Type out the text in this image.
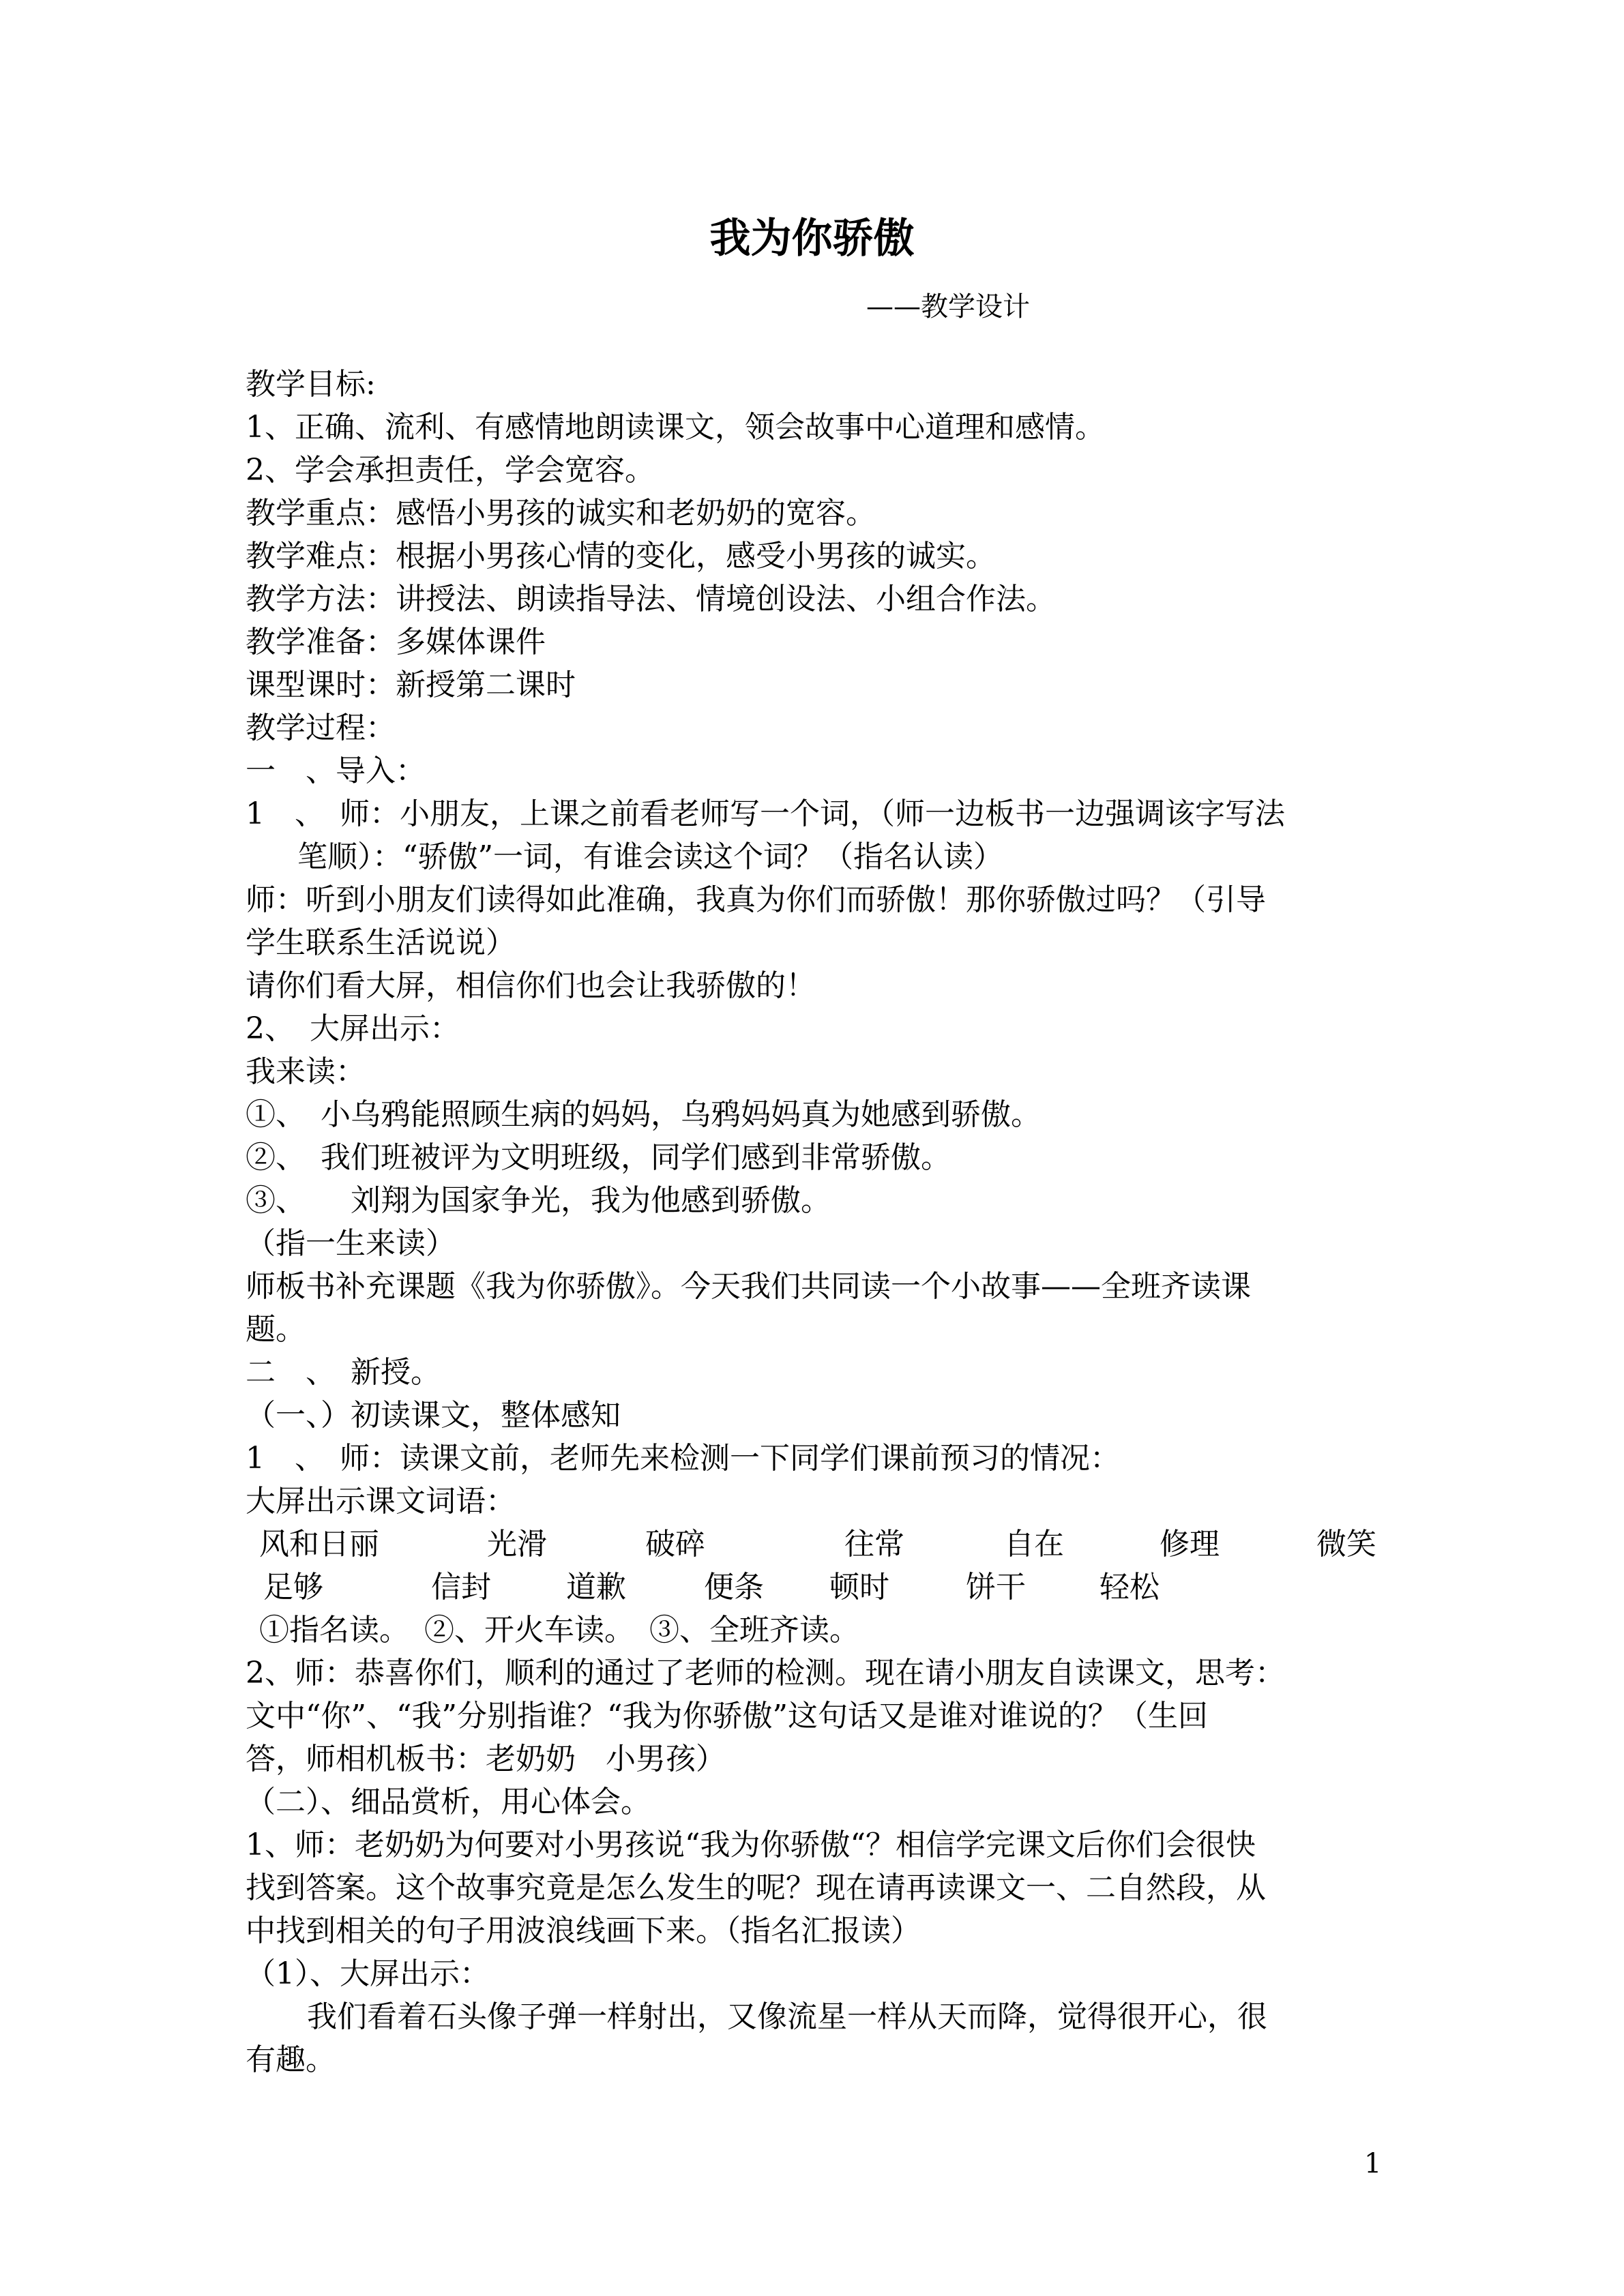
我为你骄傲
——教学设计
教学目标:
1、正确、流利、有感情地朗读课文，领会故事中心道理和感情。
2、学会承担责任，学会宽容。
教学重点：感悟小男孩的诚实和老奶奶的宽容。
教学难点：根据小男孩心情的变化，感受小男孩的诚实。
教学方法：讲授法、朗读指导法、情境创设法、小组合作法。
教学准备：多媒体课件
课型课时：新授第二课时
教学过程：
一　、导入：
1　、　师：小朋友，上课之前看老师写一个词，（师一边板书一边强调该字写法
笔顺）：“骄傲”一词，有谁会读这个词？（指名认读）
师：听到小朋友们读得如此准确，我真为你们而骄傲！那你骄傲过吗？（引导
学生联系生活说说）
请你们看大屏，相信你们也会让我骄傲的！
2、　大屏出示：
我来读：
①、　小乌鸦能照顾生病的妈妈，乌鸦妈妈真为她感到骄傲。
②、　我们班被评为文明班级，同学们感到非常骄傲。
③、　　刘翔为国家争光，我为他感到骄傲。
（指一生来读）
师板书补充课题《我为你骄傲》。今天我们共同读一个小故事——全班齐读课
题。
二　、　新授。
（一、）初读课文，整体感知
1　、　师：读课文前，老师先来检测一下同学们课前预习的情况：
大屏出示课文词语：
风和日丽	光滑	破碎	往常	自在	修理	微笑
足够	信封	道歉	便条 顿时	饼干 轻松
①指名读。　②、开火车读。　③、全班齐读。
2、师：恭喜你们，顺利的通过了老师的检测。现在请小朋友自读课文，思考：
文中“你”、“我”分别指谁？“我为你骄傲”这句话又是谁对谁说的？（生回
答，师相机板书：老奶奶　小男孩）
（二）、细品赏析，用心体会。
1、师：老奶奶为何要对小男孩说“我为你骄傲“？相信学完课文后你们会很快
找到答案。这个故事究竟是怎么发生的呢？现在请再读课文一、二自然段，从
中找到相关的句子用波浪线画下来。（指名汇报读）
（1）、大屏出示：
我们看着石头像子弹一样射出，又像流星一样从天而降，觉得很开心，很
有趣。
1
